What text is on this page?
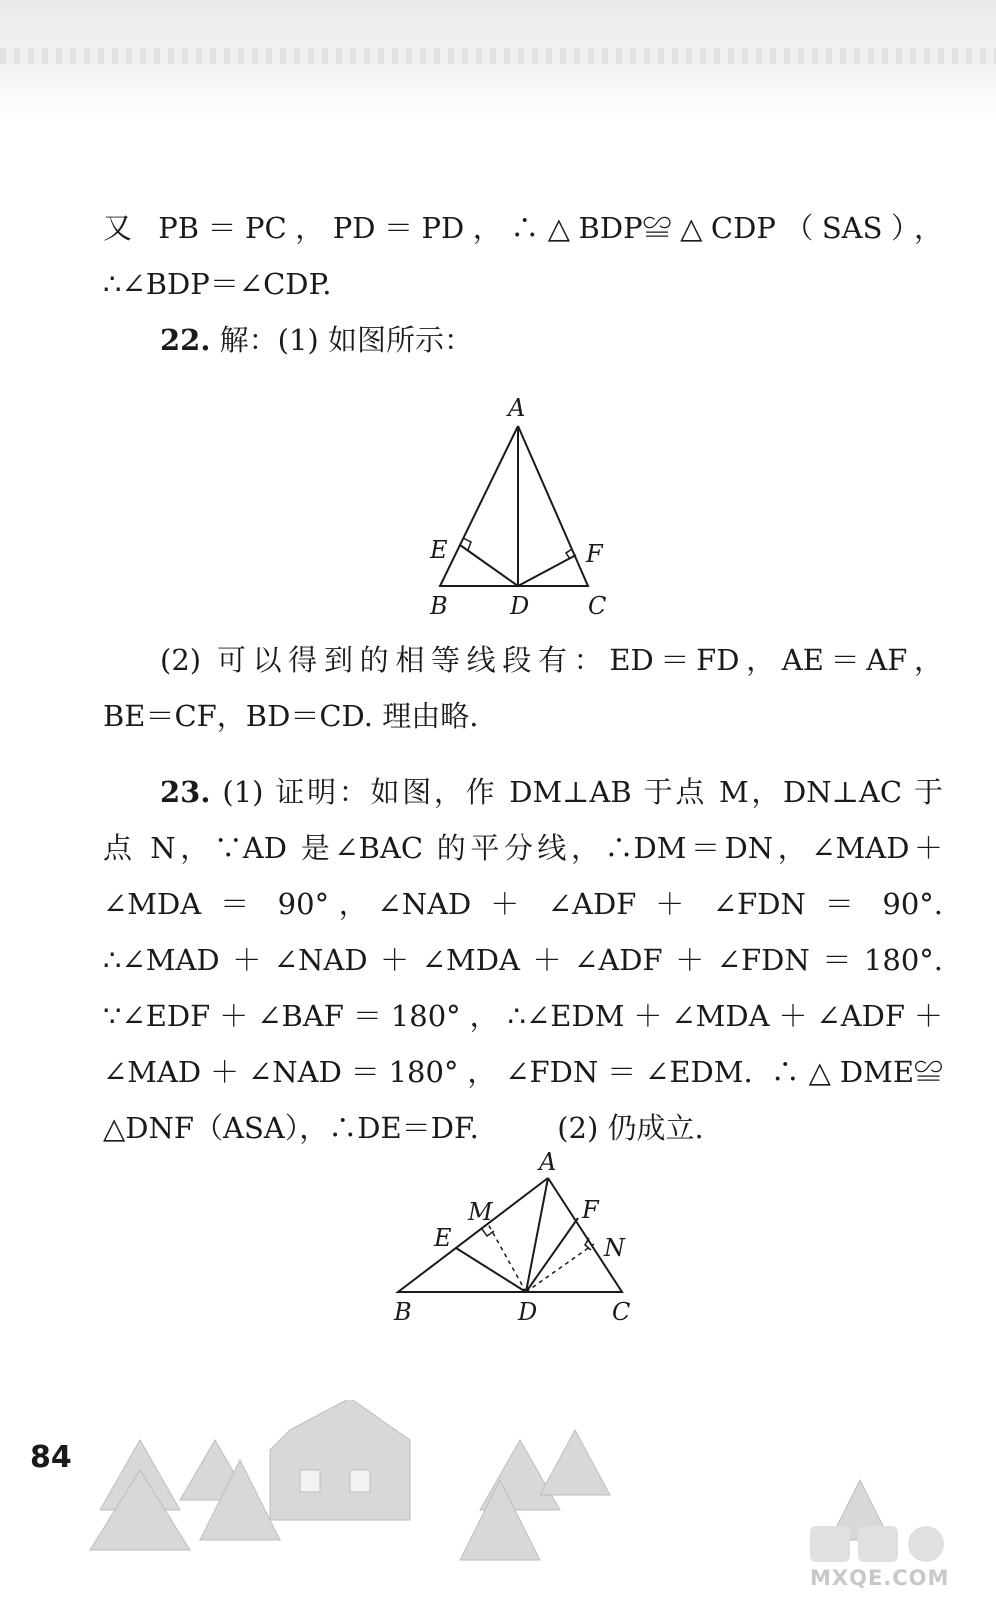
又 PB＝PC，PD＝PD，∴△BDP≌△CDP（SAS），
∴∠BDP＝∠CDP.
22. 解：(1) 如图所示：
A
E	F
B	D C
(2) 可以得到的相等线段有：ED＝FD，AE＝AF，
BE＝CF，BD＝CD. 理由略.
23. (1) 证明：如图，作 DM⊥AB 于点 M，DN⊥AC 于
点 N，∵AD 是∠BAC 的平分线，∴DM＝DN，∠MAD＋
∠MDA ＝ 90°，∠NAD ＋ ∠ADF ＋ ∠FDN ＝ 90°.
∴∠MAD＋∠NAD＋∠MDA＋∠ADF＋∠FDN＝180°.
∵∠EDF＋∠BAF＝180°，∴∠EDM＋∠MDA＋∠ADF＋
∠MAD＋∠NAD＝180°，∠FDN＝∠EDM. ∴△DME≌
△DNF（ASA），∴DE＝DF.	(2) 仍成立.
A
M	F
E	N
B	D	C
84
MXQE.COM
